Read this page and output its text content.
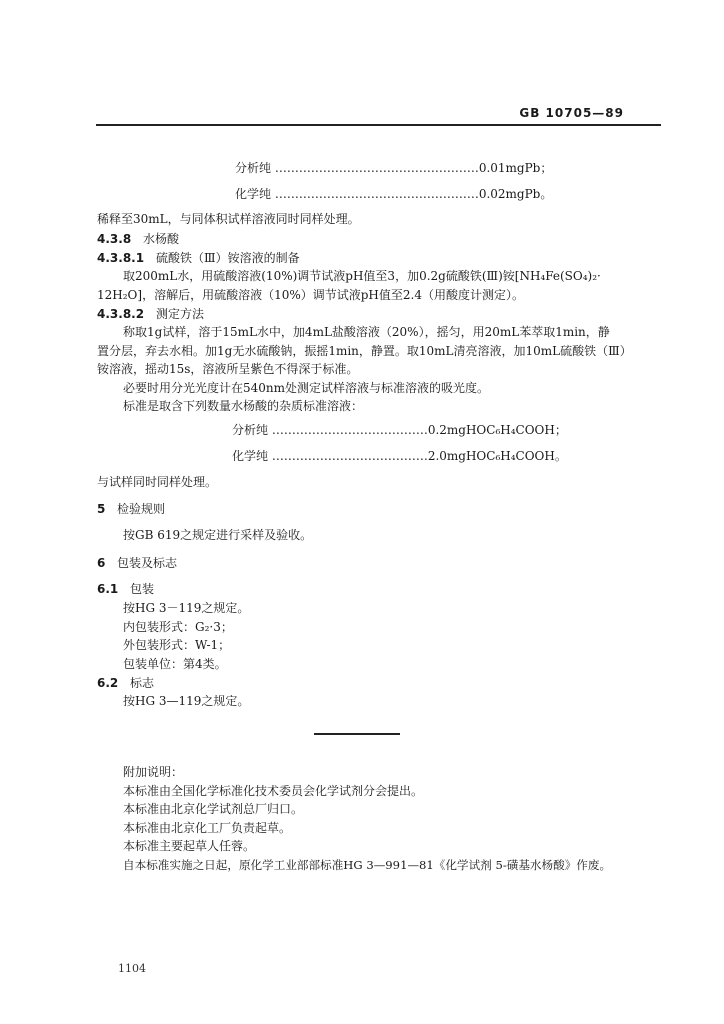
GB 10705—89
分析纯 ……………………………………………0.01mgPb；
化学纯 ……………………………………………0.02mgPb。
稀释至30mL，与同体积试样溶液同时同样处理。
4.3.8 水杨酸
4.3.8.1 硫酸铁（Ⅲ）铵溶液的制备
取200mL水，用硫酸溶液(10%)调节试液pH值至3，加0.2g硫酸铁(Ⅲ)铵[NH₄Fe(SO₄)₂·
12H₂O]，溶解后，用硫酸溶液（10%）调节试液pH值至2.4（用酸度计测定）。
4.3.8.2 测定方法
称取1g试样，溶于15mL水中，加4mL盐酸溶液（20%），摇匀，用20mL苯萃取1min，静
置分层，弃去水相。加1g无水硫酸钠，振摇1min，静置。取10mL清亮溶液，加10mL硫酸铁（Ⅲ）
铵溶液，摇动15s，溶液所呈紫色不得深于标准。
必要时用分光光度计在540nm处测定试样溶液与标准溶液的吸光度。
标准是取含下列数量水杨酸的杂质标准溶液：
分析纯 …………………………………0.2mgHOC₆H₄COOH；
化学纯 …………………………………2.0mgHOC₆H₄COOH。
与试样同时同样处理。
5 检验规则
按GB 619之规定进行采样及验收。
6 包装及标志
6.1 包装
按HG 3－119之规定。
内包装形式：G₂·3；
外包装形式：W-1；
包装单位：第4类。
6.2 标志
按HG 3—119之规定。
附加说明：
本标准由全国化学标准化技术委员会化学试剂分会提出。
本标准由北京化学试剂总厂归口。
本标准由北京化工厂负责起草。
本标准主要起草人任蓉。
自本标准实施之日起，原化学工业部部标准HG 3—991—81《化学试剂 5-磺基水杨酸》作废。
1104
